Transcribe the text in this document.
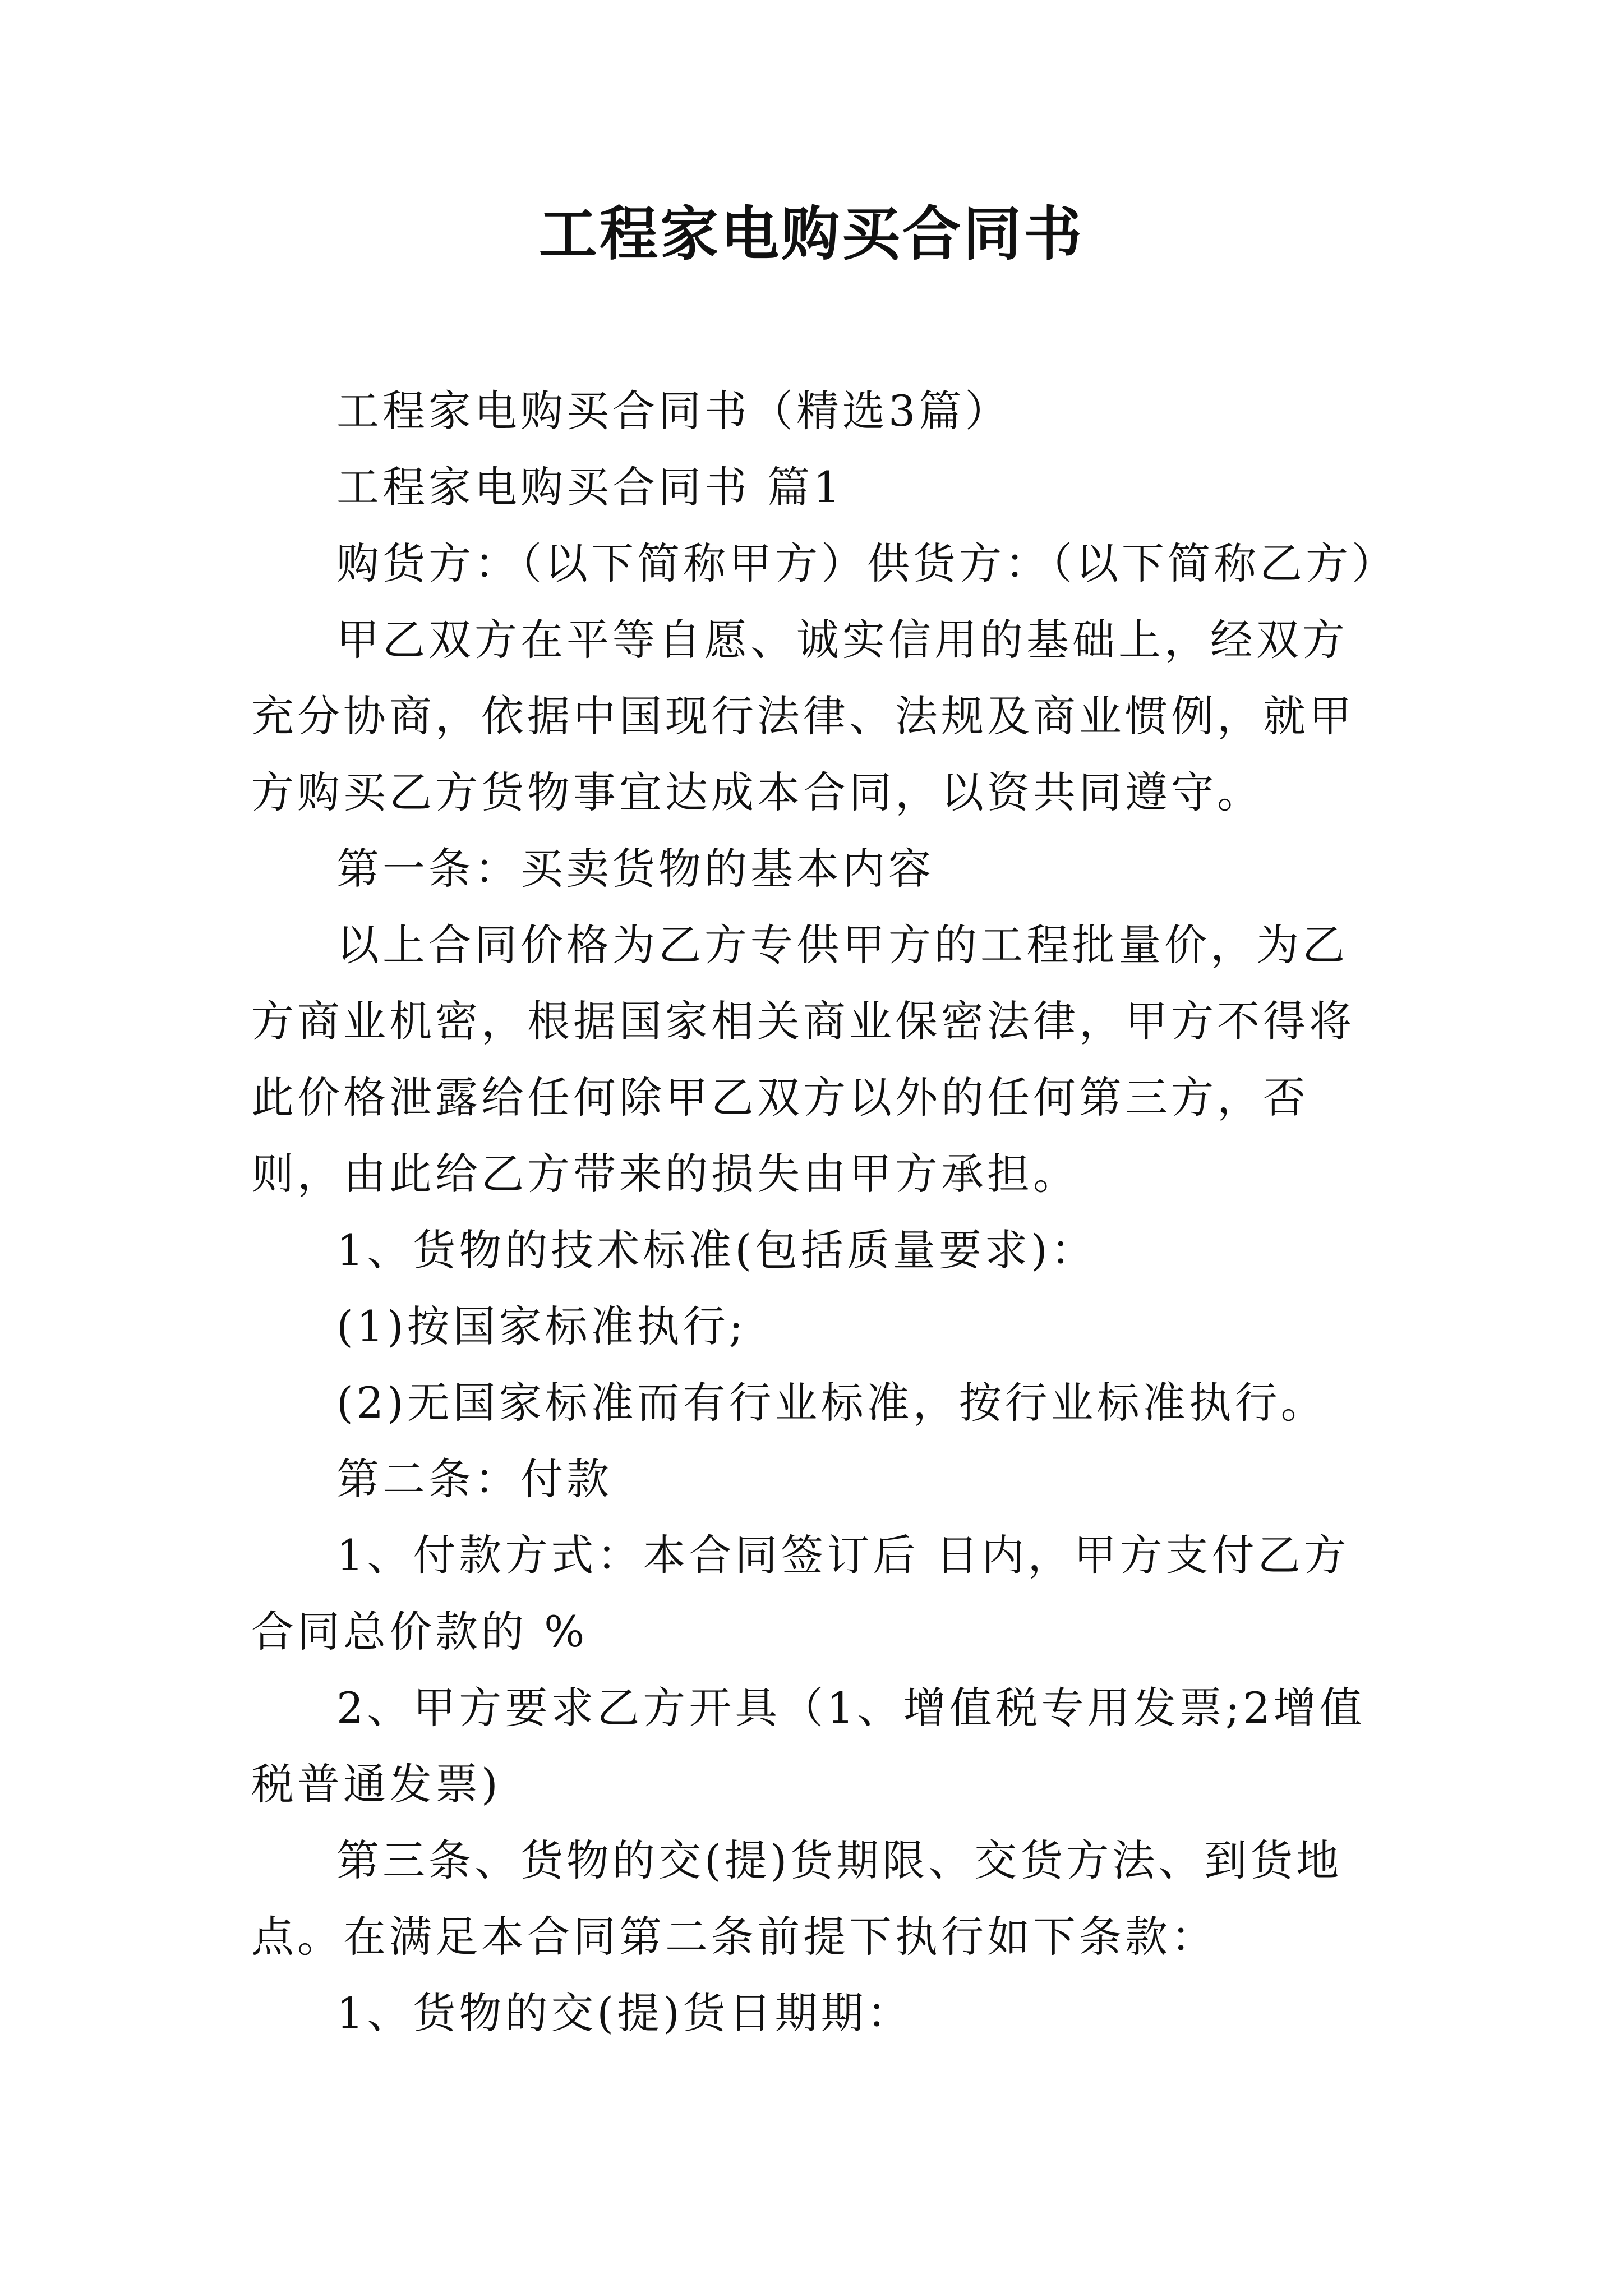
工程家电购买合同书

工程家电购买合同书（精选3篇）

工程家电购买合同书 篇1

购货方：（以下简称甲方）供货方：（以下简称乙方）

甲乙双方在平等自愿、诚实信用的基础上，经双方充分协商，依据中国现行法律、法规及商业惯例，就甲方购买乙方货物事宜达成本合同，以资共同遵守。

第一条：买卖货物的基本内容

以上合同价格为乙方专供甲方的工程批量价，为乙方商业机密，根据国家相关商业保密法律，甲方不得将此价格泄露给任何除甲乙双方以外的任何第三方，否则，由此给乙方带来的损失由甲方承担。

1、货物的技术标准(包括质量要求)：

(1)按国家标准执行;

(2)无国家标准而有行业标准，按行业标准执行。

第二条：付款

1、付款方式：本合同签订后 日内，甲方支付乙方合同总价款的 %

2、甲方要求乙方开具（1、增值税专用发票;2增值税普通发票)

第三条、货物的交(提)货期限、交货方法、到货地点。在满足本合同第二条前提下执行如下条款：

1、货物的交(提)货日期期：
